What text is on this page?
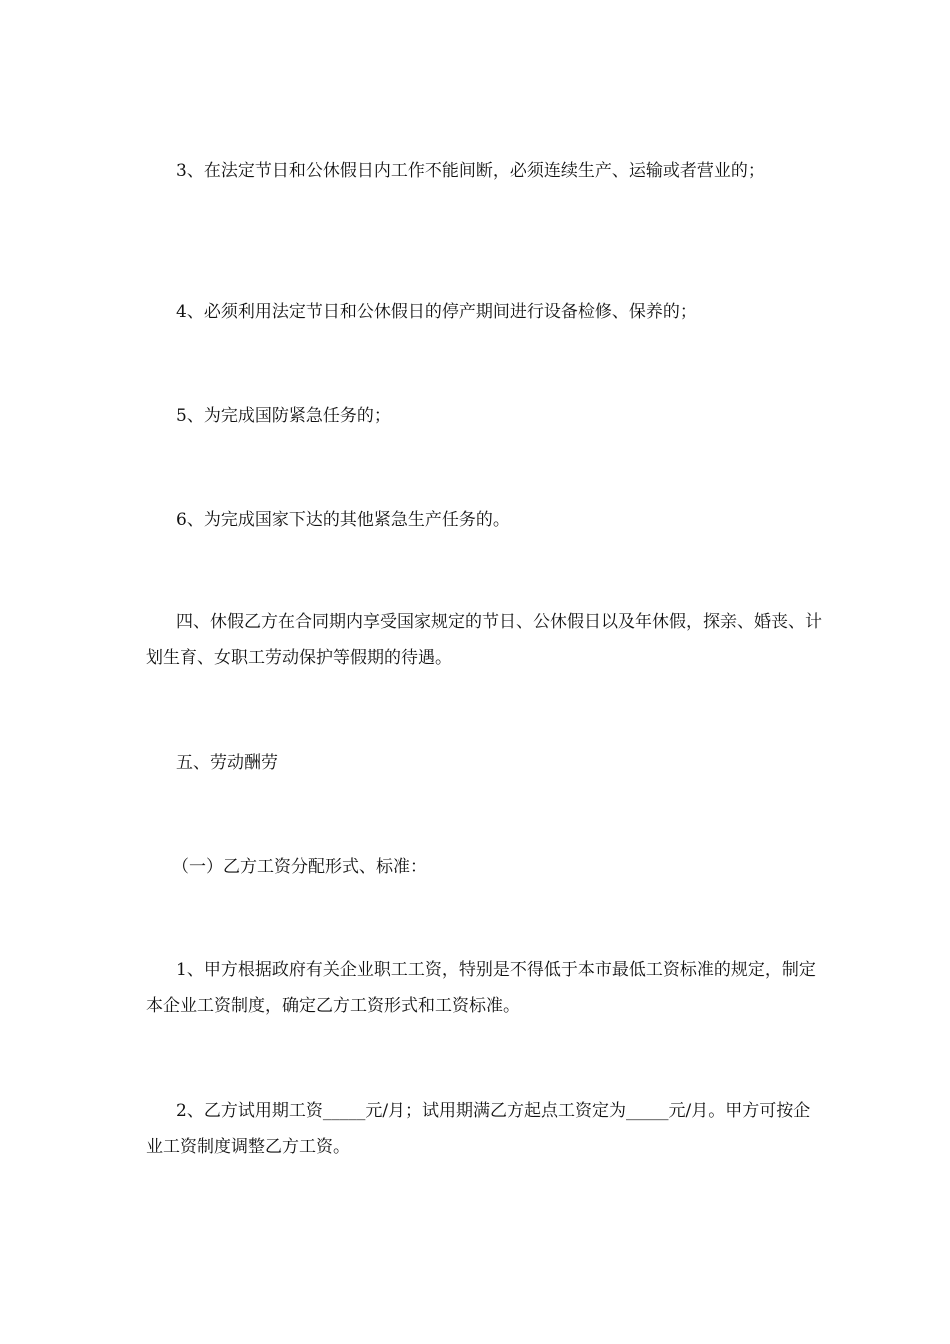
3、在法定节日和公休假日内工作不能间断，必须连续生产、运输或者营业的；

4、必须利用法定节日和公休假日的停产期间进行设备检修、保养的；

5、为完成国防紧急任务的；

6、为完成国家下达的其他紧急生产任务的。

四、休假乙方在合同期内享受国家规定的节日、公休假日以及年休假，探亲、婚丧、计划生育、女职工劳动保护等假期的待遇。

五、劳动酬劳

（一）乙方工资分配形式、标准：

1、甲方根据政府有关企业职工工资，特别是不得低于本市最低工资标准的规定，制定本企业工资制度，确定乙方工资形式和工资标准。

2、乙方试用期工资_____元/月；试用期满乙方起点工资定为_____元/月。甲方可按企业工资制度调整乙方工资。
